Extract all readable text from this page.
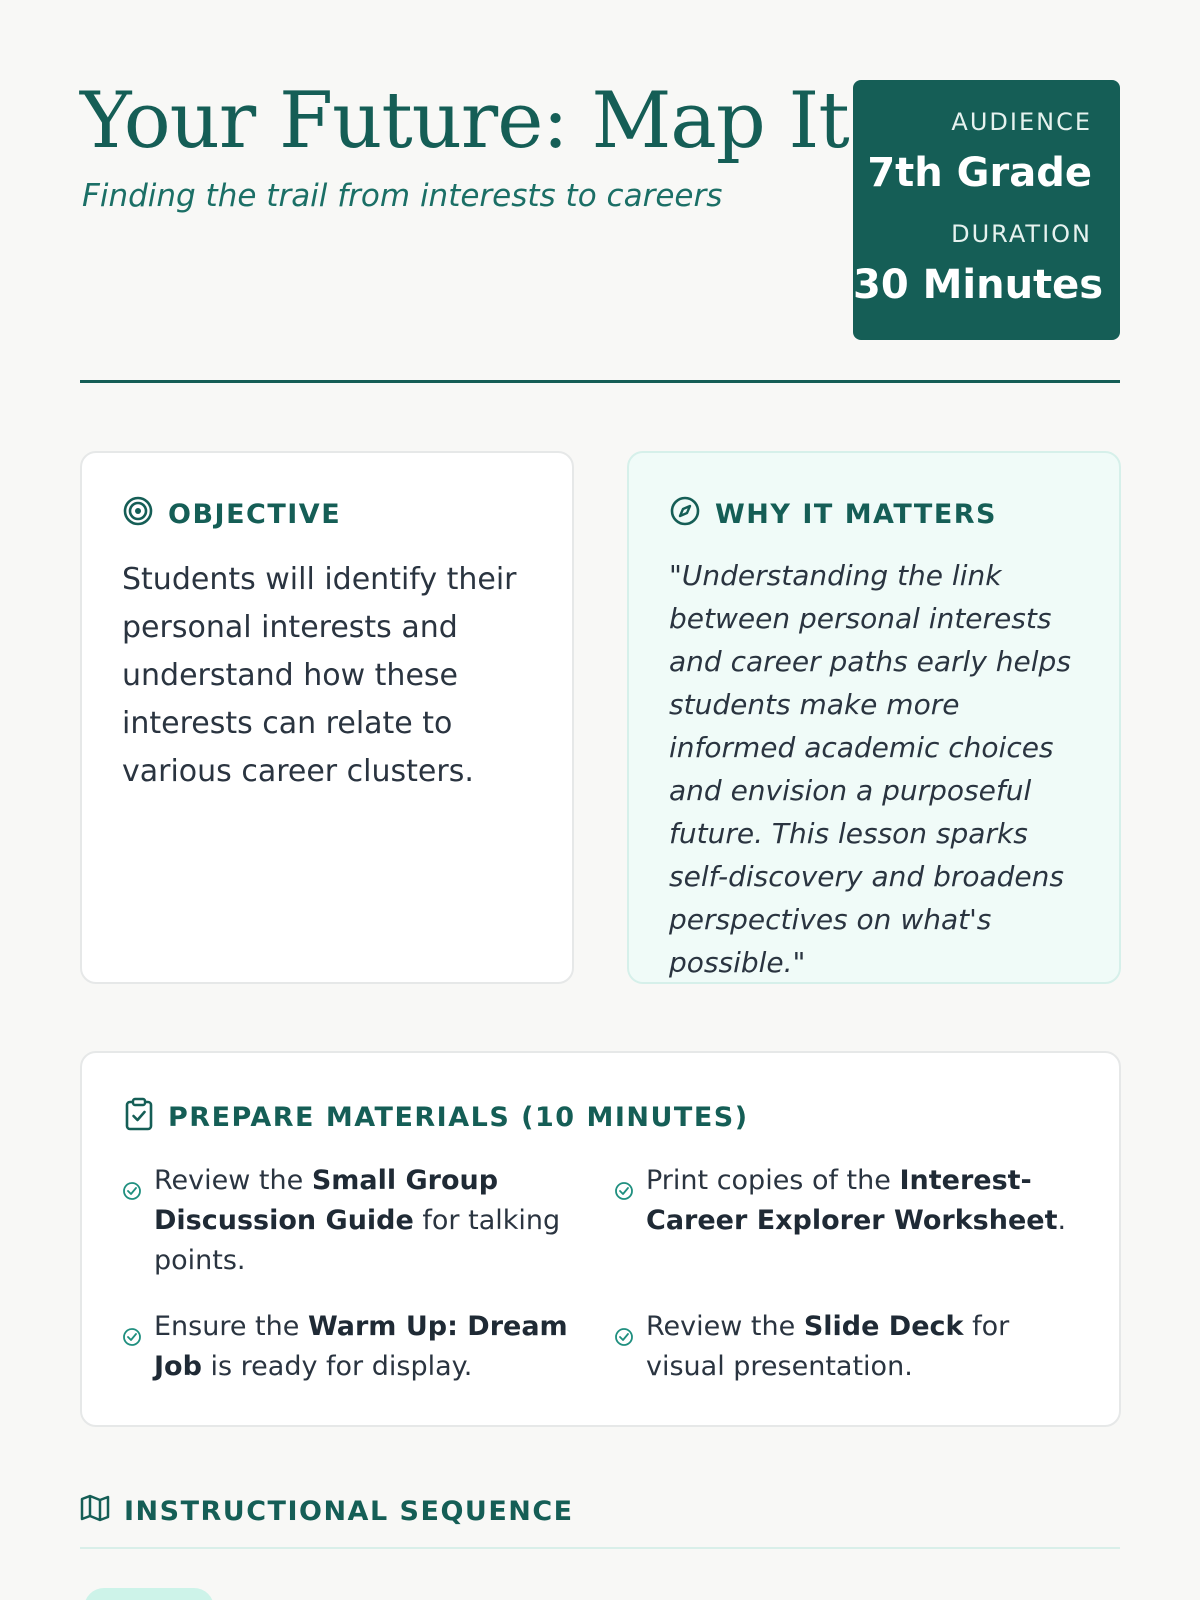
Your Future: Map It
Finding the trail from interests to careers
AUDIENCE
7th Grade
DURATION
30 Minutes
OBJECTIVE
Students will identify their personal interests and understand how these interests can relate to various career clusters.
WHY IT MATTERS
"Understanding the link between personal interests and career paths early helps students make more informed academic choices and envision a purposeful future. This lesson sparks self-discovery and broadens perspectives on what's possible."
PREPARE MATERIALS (10 MINUTES)
Review the Small Group Discussion Guide for talking points.
Print copies of the Interest-Career Explorer Worksheet.
Ensure the Warm Up: Dream Job is ready for display.
Review the Slide Deck for visual presentation.
INSTRUCTIONAL SEQUENCE
